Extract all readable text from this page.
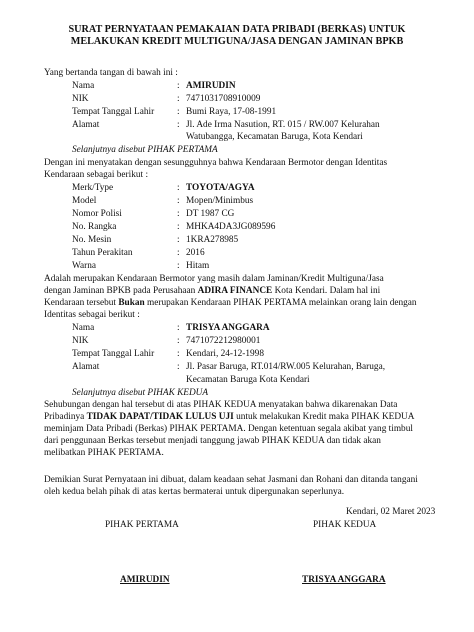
SURAT PERNYATAAN PEMAKAIAN DATA PRIBADI (BERKAS) UNTUK
MELAKUKAN KREDIT MULTIGUNA/JASA DENGAN JAMINAN BPKB
Yang bertanda tangan di bawah ini :
Nama	: AMIRUDIN
NIK	: 7471031708910009
Tempat Tanggal Lahir : Bumi Raya, 17-08-1991
Alamat	: Jl. Ade Irma Nasution, RT. 015 / RW.007 Kelurahan
Watubangga, Kecamatan Baruga, Kota Kendari
Selanjutnya disebut PIHAK PERTAMA
Dengan ini menyatakan dengan sesungguhnya bahwa Kendaraan Bermotor dengan Identitas
Kendaraan sebagai berikut :
Merk/Type	: TOYOTA/AGYA
Model	: Mopen/Minimbus
Nomor Polisi	: DT 1987 CG
No. Rangka	: MHKA4DA3JG089596
No. Mesin	: 1KRA278985
Tahun Perakitan	: 2016
Warna	: Hitam
Adalah merupakan Kendaraan Bermotor yang masih dalam Jaminan/Kredit Multiguna/Jasa
dengan Jaminan BPKB pada Perusahaan ADIRA FINANCE Kota Kendari. Dalam hal ini
Kendaraan tersebut Bukan merupakan Kendaraan PIHAK PERTAMA melainkan orang lain dengan
Identitas sebagai berikut :
Nama	: TRISYA ANGGARA
NIK	: 7471072212980001
Tempat Tanggal Lahir : Kendari, 24-12-1998
Alamat	: Jl. Pasar Baruga, RT.014/RW.005 Kelurahan, Baruga,
Kecamatan Baruga Kota Kendari
Selanjutnya disebut PIHAK KEDUA
Sehubungan dengan hal tersebut di atas PIHAK KEDUA menyatakan bahwa dikarenakan Data
Pribadinya TIDAK DAPAT/TIDAK LULUS UJI untuk melakukan Kredit maka PIHAK KEDUA
meminjam Data Pribadi (Berkas) PIHAK PERTAMA. Dengan ketentuan segala akibat yang timbul
dari penggunaan Berkas tersebut menjadi tanggung jawab PIHAK KEDUA dan tidak akan
melibatkan PIHAK PERTAMA.
Demikian Surat Pernyataan ini dibuat, dalam keadaan sehat Jasmani dan Rohani dan ditanda tangani
oleh kedua belah pihak di atas kertas bermaterai untuk dipergunakan seperlunya.
Kendari, 02 Maret 2023
PIHAK PERTAMA	PIHAK KEDUA
AMIRUDIN	TRISYA ANGGARA
